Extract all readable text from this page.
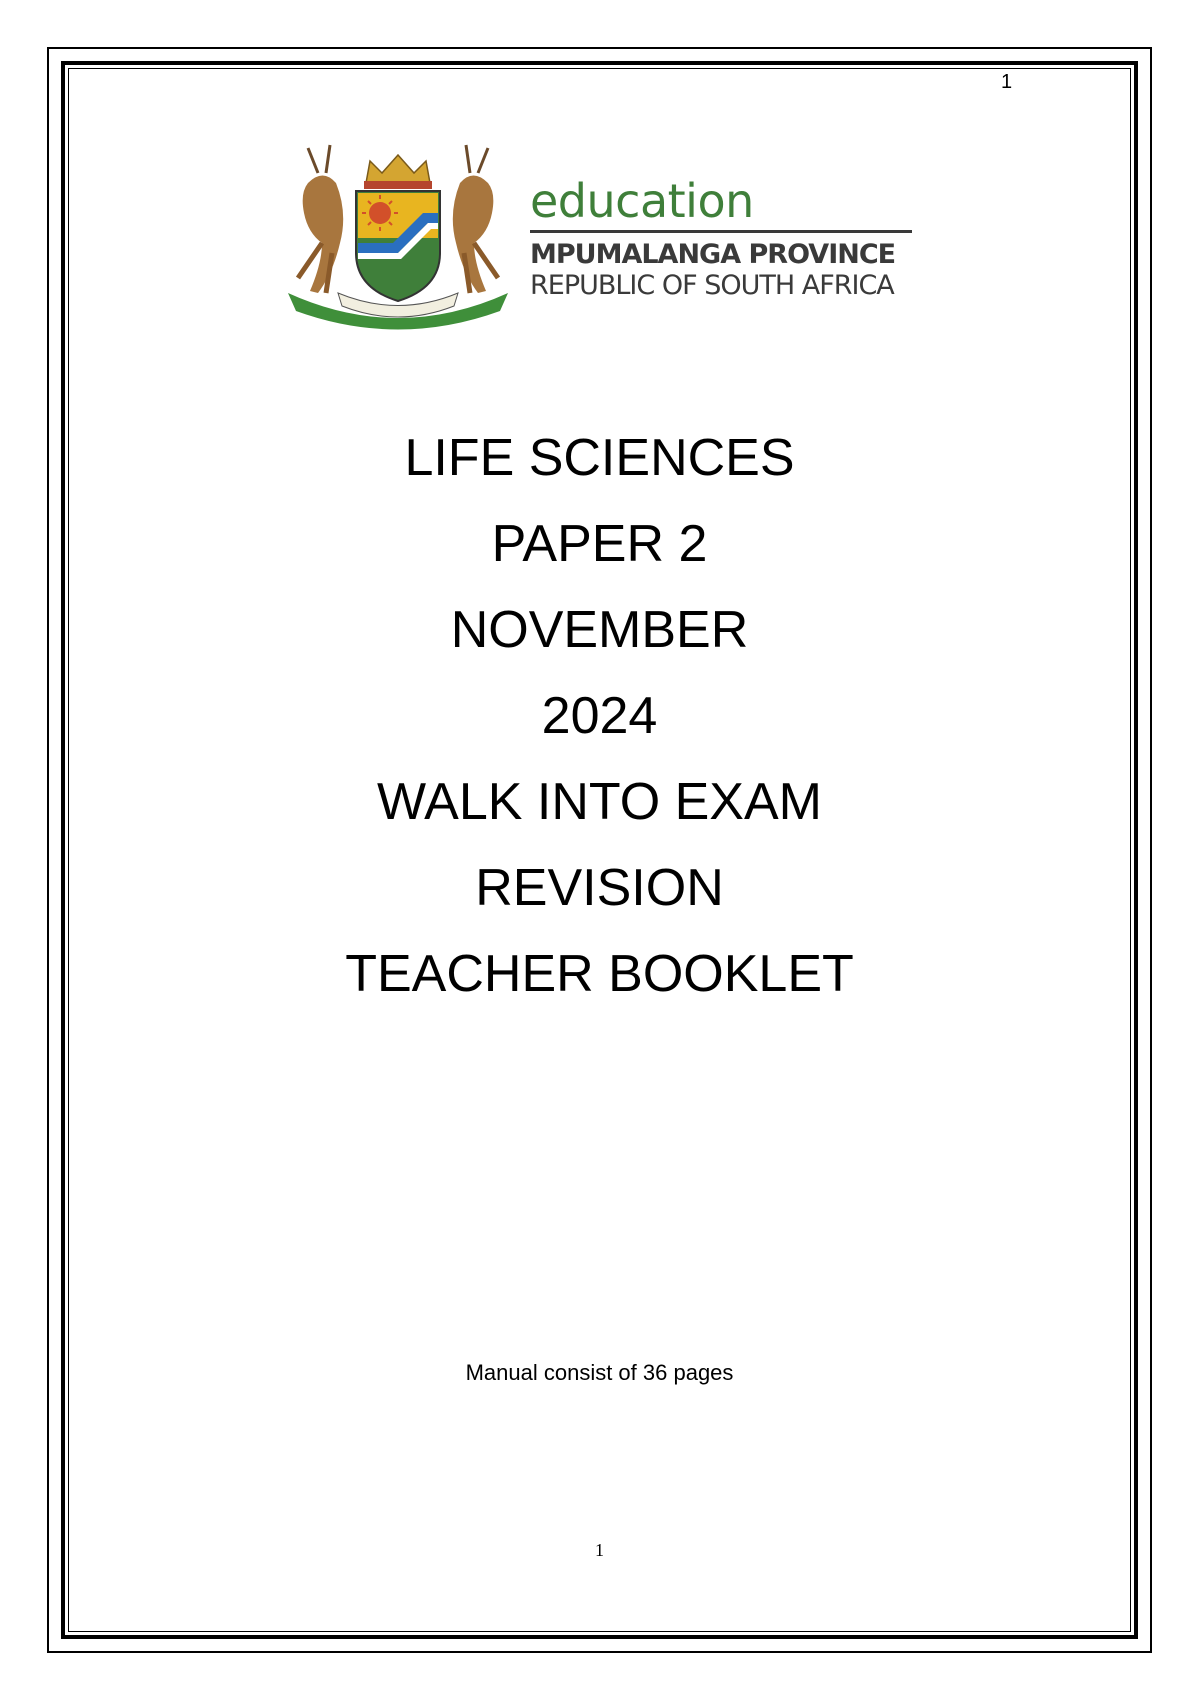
1
education
MPUMALANGA PROVINCE
REPUBLIC OF SOUTH AFRICA
LIFE SCIENCES
PAPER 2
NOVEMBER
2024
WALK INTO EXAM
REVISION
TEACHER BOOKLET
Manual consist of 36 pages
1
